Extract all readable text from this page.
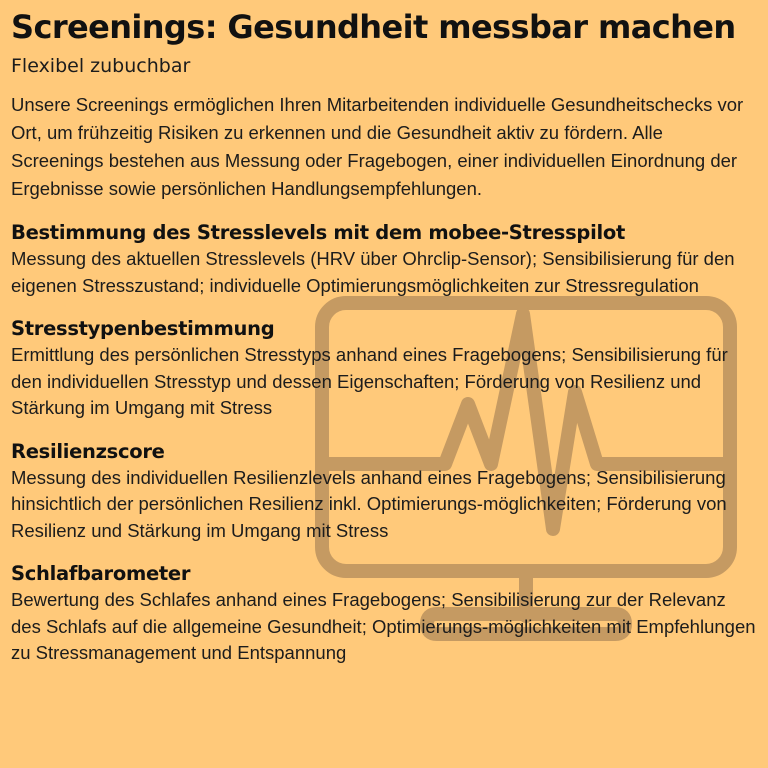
Screenings: Gesundheit messbar machen

Flexibel zubuchbar

Unsere Screenings ermöglichen Ihren Mitarbeitenden individuelle Gesundheitschecks vor Ort, um frühzeitig Risiken zu erkennen und die Gesundheit aktiv zu fördern. Alle Screenings bestehen aus Messung oder Fragebogen, einer individuellen Einordnung der Ergebnisse sowie persönlichen Handlungsempfehlungen.

Bestimmung des Stresslevels mit dem mobee-Stresspilot

Messung des aktuellen Stresslevels (HRV über Ohrclip-Sensor); Sensibilisierung für den eigenen Stresszustand; individuelle Optimierungsmöglichkeiten zur Stressregulation

Stresstypenbestimmung

Ermittlung des persönlichen Stresstyps anhand eines Fragebogens; Sensibilisierung für den individuellen Stresstyp und dessen Eigenschaften; Förderung von Resilienz und Stärkung im Umgang mit Stress

Resilienzscore

Messung des individuellen Resilienzlevels anhand eines Fragebogens; Sensibilisierung hinsichtlich der persönlichen Resilienz inkl. Optimierungs-möglichkeiten; Förderung von Resilienz und Stärkung im Umgang mit Stress

Schlafbarometer

Bewertung des Schlafes anhand eines Fragebogens; Sensibilisierung zur der Relevanz des Schlafs auf die allgemeine Gesundheit; Optimierungs-möglichkeiten mit Empfehlungen zu Stressmanagement und Entspannung
